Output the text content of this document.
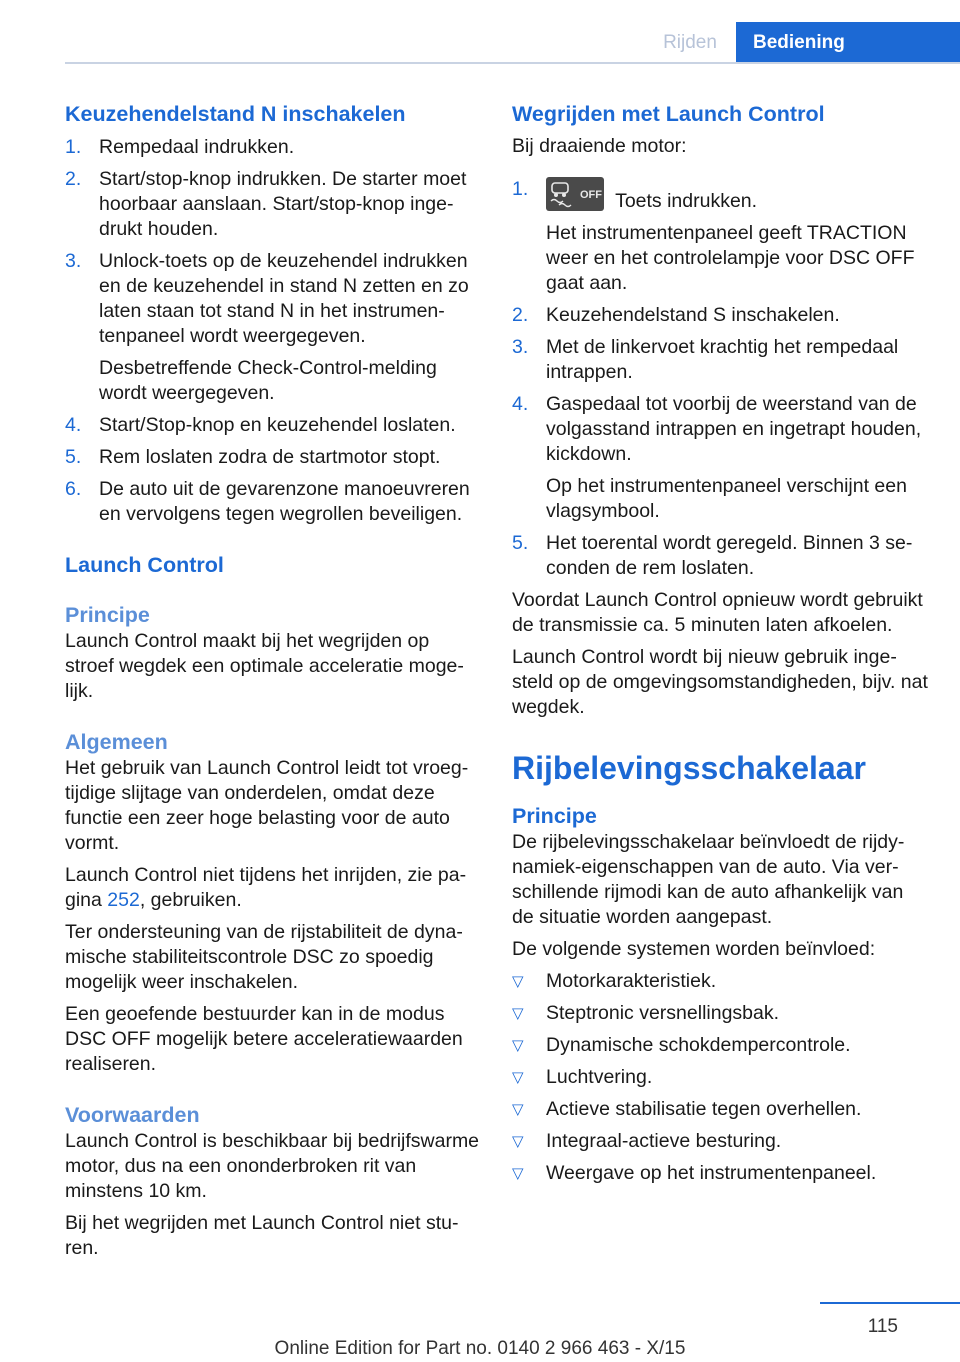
Rijden	Bediening
Keuzehendelstand N inschakelen
1. Rempedaal indrukken.
2. Start/stop-knop indrukken. De starter moet hoorbaar aanslaan. Start/stop-knop ingedrukt houden.
3. Unlock-toets op de keuzehendel indrukken en de keuzehendel in stand N zetten en zo laten staan tot stand N in het instrumentenpaneel wordt weergegeven.

Desbetreffende Check-Control-melding wordt weergegeven.

4. Start/Stop-knop en keuzehendel loslaten.
5. Rem loslaten zodra de startmotor stopt.
6. De auto uit de gevarenzone manoeuvreren en vervolgens tegen wegrollen beveiligen.
Launch Control
Principe

Launch Control maakt bij het wegrijden op stroef wegdek een optimale acceleratie mogelijk.

Algemeen

Het gebruik van Launch Control leidt tot vroegtijdige slijtage van onderdelen, omdat deze functie een zeer hoge belasting voor de auto vormt.

Launch Control niet tijdens het inrijden, zie pagina 252, gebruiken.

Ter ondersteuning van de rijstabiliteit de dynamische stabiliteitscontrole DSC zo spoedig mogelijk weer inschakelen.

Een geoefende bestuurder kan in de modus DSC OFF mogelijk betere acceleratiewaarden realiseren.

Voorwaarden

Launch Control is beschikbaar bij bedrijfswarme motor, dus na een ononderbroken rit van minstens 10 km.

Bij het wegrijden met Launch Control niet sturen.

Wegrijden met Launch Control

Bij draaiende motor:

1.	OFF Toets indrukken.

Het instrumentenpaneel geeft TRACTION weer en het controlelampje voor DSC OFF gaat aan.

2. Keuzehendelstand S inschakelen.
3. Met de linkervoet krachtig het rempedaal intrappen.
4. Gaspedaal tot voorbij de weerstand van de volgasstand intrappen en ingetrapt houden, kickdown.

Op het instrumentenpaneel verschijnt een vlagsymbool.

5. Het toerental wordt geregeld. Binnen 3 seconden de rem loslaten.

Voordat Launch Control opnieuw wordt gebruikt de transmissie ca. 5 minuten laten afkoelen.

Launch Control wordt bij nieuw gebruik ingesteld op de omgevingsomstandigheden, bijv. nat wegdek.

Rijbelevingsschakelaar
Principe

De rijbelevingsschakelaar beïnvloedt de rijdynamiek-eigenschappen van de auto. Via verschillende rijmodi kan de auto afhankelijk van de situatie worden aangepast.

De volgende systemen worden beïnvloed:

▽	Motorkarakteristiek.
▽	Steptronic versnellingsbak.
▽	Dynamische schokdempercontrole.
▽	Luchtvering.
▽	Actieve stabilisatie tegen overhellen.
▽	Integraal-actieve besturing.
▽	Weergave op het instrumentenpaneel.
115
Online Edition for Part no. 0140 2 966 463 - X/15
